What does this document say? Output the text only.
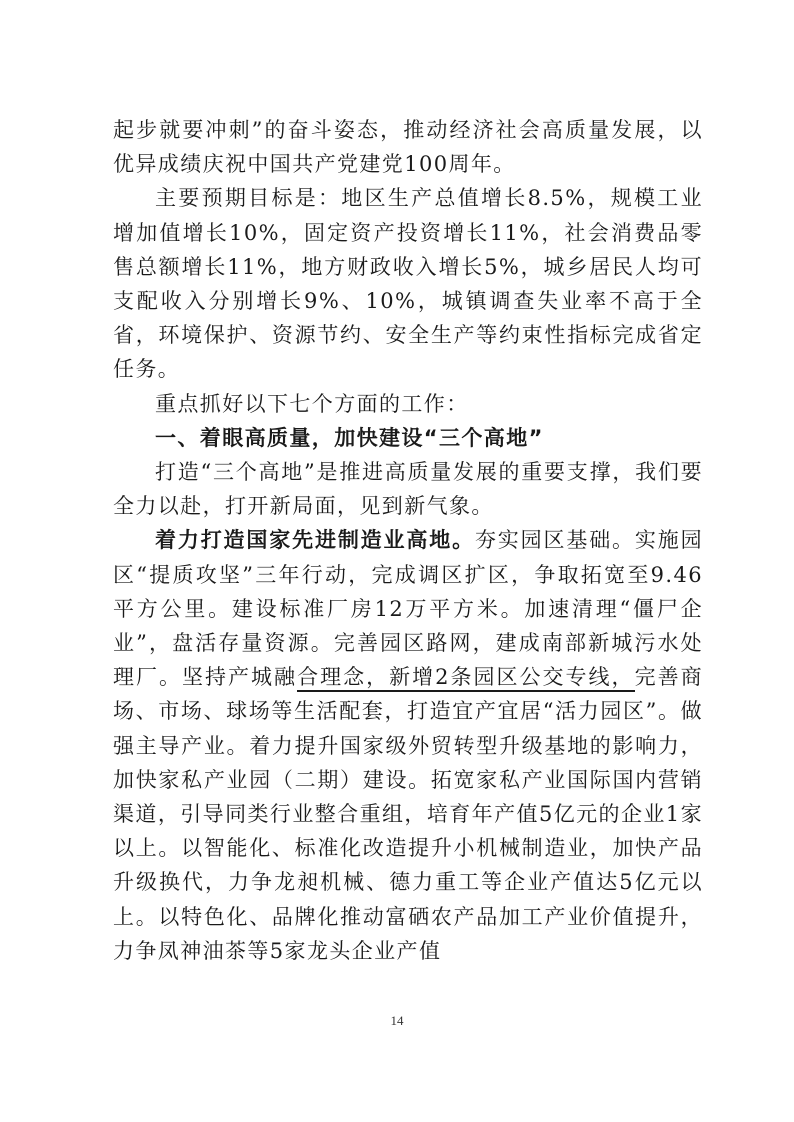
起步就要冲刺”的奋斗姿态，推动经济社会高质量发展，以优异成绩庆祝中国共产党建党100周年。

主要预期目标是：地区生产总值增长8.5%，规模工业增加值增长10%，固定资产投资增长11%，社会消费品零售总额增长11%，地方财政收入增长5%，城乡居民人均可支配收入分别增长9%、10%，城镇调查失业率不高于全省，环境保护、资源节约、安全生产等约束性指标完成省定任务。

重点抓好以下七个方面的工作：

一、着眼高质量，加快建设“三个高地”

打造“三个高地”是推进高质量发展的重要支撑，我们要全力以赴，打开新局面，见到新气象。

着力打造国家先进制造业高地。夯实园区基础。实施园区“提质攻坚”三年行动，完成调区扩区，争取拓宽至9.46平方公里。建设标准厂房12万平方米。加速清理“僵尸企业”，盘活存量资源。完善园区路网，建成南部新城污水处理厂。坚持产城融合理念，新增2条园区公交专线，完善商场、市场、球场等生活配套，打造宜产宜居“活力园区”。做强主导产业。着力提升国家级外贸转型升级基地的影响力，加快家私产业园（二期）建设。拓宽家私产业国际国内营销渠道，引导同类行业整合重组，培育年产值5亿元的企业1家以上。以智能化、标准化改造提升小机械制造业，加快产品升级换代，力争龙昶机械、德力重工等企业产值达5亿元以上。以特色化、品牌化推动富硒农产品加工产业价值提升，力争凤神油茶等5家龙头企业产值

14
